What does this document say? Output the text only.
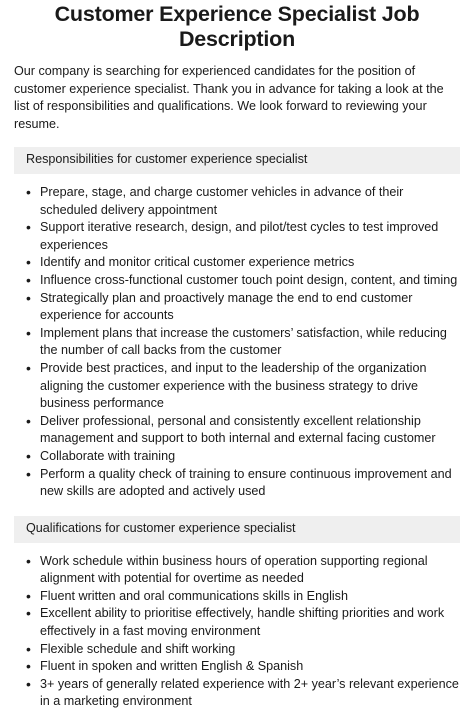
Customer Experience Specialist Job Description

Our company is searching for experienced candidates for the position of customer experience specialist. Thank you in advance for taking a look at the list of responsibilities and qualifications. We look forward to reviewing your resume.

Responsibilities for customer experience specialist
• Prepare, stage, and charge customer vehicles in advance of their scheduled delivery appointment
• Support iterative research, design, and pilot/test cycles to test improved experiences
• Identify and monitor critical customer experience metrics
• Influence cross-functional customer touch point design, content, and timing
• Strategically plan and proactively manage the end to end customer experience for accounts
• Implement plans that increase the customers’ satisfaction, while reducing the number of call backs from the customer
• Provide best practices, and input to the leadership of the organization aligning the customer experience with the business strategy to drive business performance
• Deliver professional, personal and consistently excellent relationship management and support to both internal and external facing customer
• Collaborate with training
• Perform a quality check of training to ensure continuous improvement and new skills are adopted and actively used
Qualifications for customer experience specialist
• Work schedule within business hours of operation supporting regional alignment with potential for overtime as needed
• Fluent written and oral communications skills in English
• Excellent ability to prioritise effectively, handle shifting priorities and work effectively in a fast moving environment
• Flexible schedule and shift working
• Fluent in spoken and written English & Spanish
• 3+ years of generally related experience with 2+ year’s relevant experience in a marketing environment
